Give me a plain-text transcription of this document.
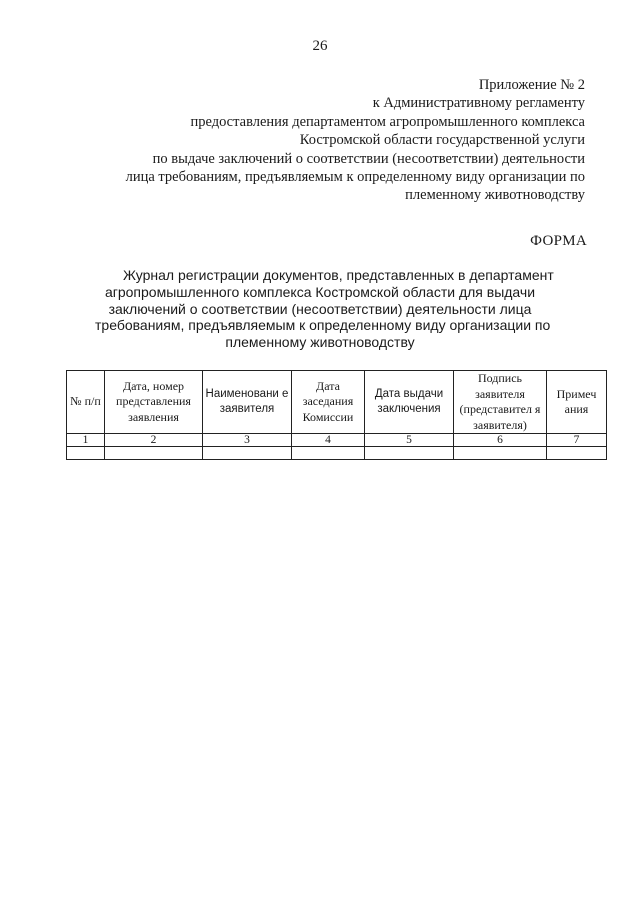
26
Приложение № 2
к Административному регламенту
предоставления департаментом агропромышленного комплекса
Костромской области государственной услуги
по выдаче заключений о соответствии (несоответствии) деятельности
лица требованиям, предъявляемым к определенному виду организации по
племенному животноводству
ФОРМА
Журнал регистрации документов, представленных в департамент
агропромышленного комплекса Костромской области для выдачи
заключений о соответствии (несоответствии) деятельности лица
требованиям, предъявляемым к определенному виду организации по
племенному животноводству
№ п/п	Дата, номер представления заявления	Наименовани е заявителя	Дата заседания Комиссии	Дата выдачи заключения	Подпись заявителя (представител я заявителя)	Примеч ания
1	2	3	4	5	6	7
